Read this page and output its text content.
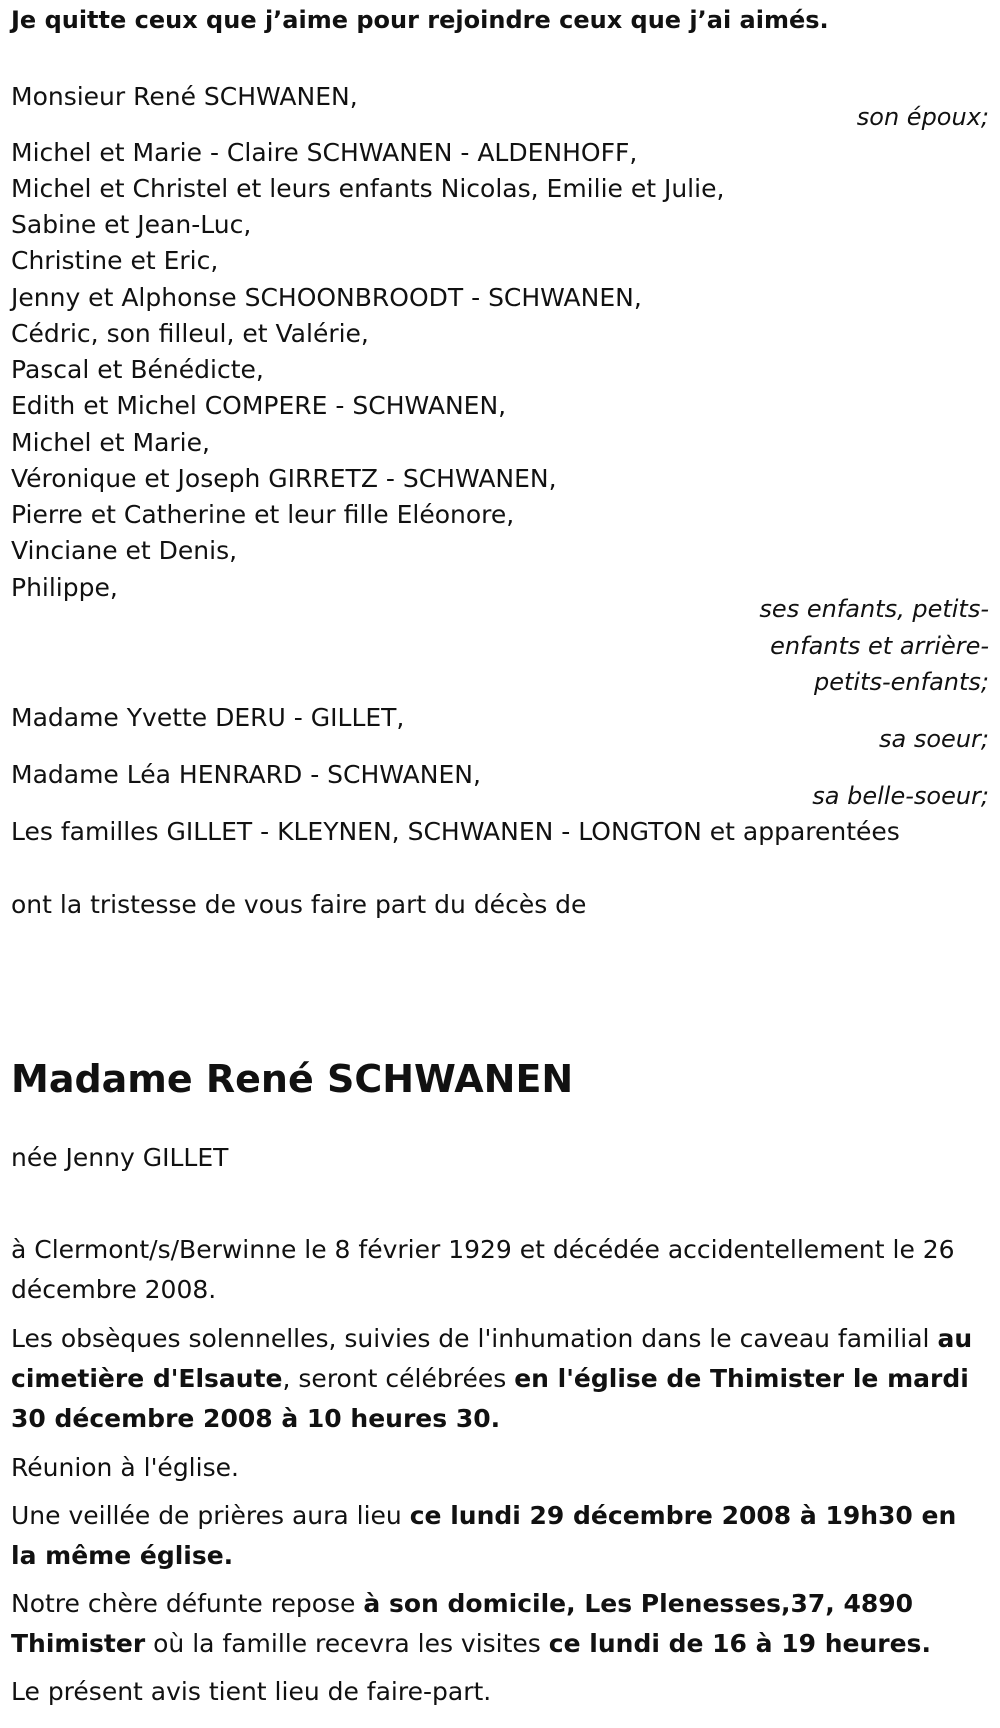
Je quitte ceux que j’aime pour rejoindre ceux que j’ai aimés.
Monsieur René SCHWANEN,
son époux;
Michel et Marie - Claire SCHWANEN - ALDENHOFF,
Michel et Christel et leurs enfants Nicolas, Emilie et Julie,
Sabine et Jean-Luc,
Christine et Eric,
Jenny et Alphonse SCHOONBROODT - SCHWANEN,
Cédric, son filleul, et Valérie,
Pascal et Bénédicte,
Edith et Michel COMPERE - SCHWANEN,
Michel et Marie,
Véronique et Joseph GIRRETZ - SCHWANEN,
Pierre et Catherine et leur fille Eléonore,
Vinciane et Denis,
Philippe,
ses enfants, petits-
enfants et arrière-
petits-enfants;
Madame Yvette DERU - GILLET,
sa soeur;
Madame Léa HENRARD - SCHWANEN,
sa belle-soeur;
Les familles GILLET - KLEYNEN, SCHWANEN - LONGTON et apparentées
ont la tristesse de vous faire part du décès de
Madame René SCHWANEN
née Jenny GILLET
à Clermont/s/Berwinne le 8 février 1929 et décédée accidentellement le 26 décembre 2008.
Les obsèques solennelles, suivies de l'inhumation dans le caveau familial au cimetière d'Elsaute, seront célébrées en l'église de Thimister le mardi 30 décembre 2008 à 10 heures 30.
Réunion à l'église.
Une veillée de prières aura lieu ce lundi 29 décembre 2008 à 19h30 en la même église.
Notre chère défunte repose à son domicile, Les Plenesses,37, 4890 Thimister où la famille recevra les visites ce lundi de 16 à 19 heures.
Le présent avis tient lieu de faire-part.
